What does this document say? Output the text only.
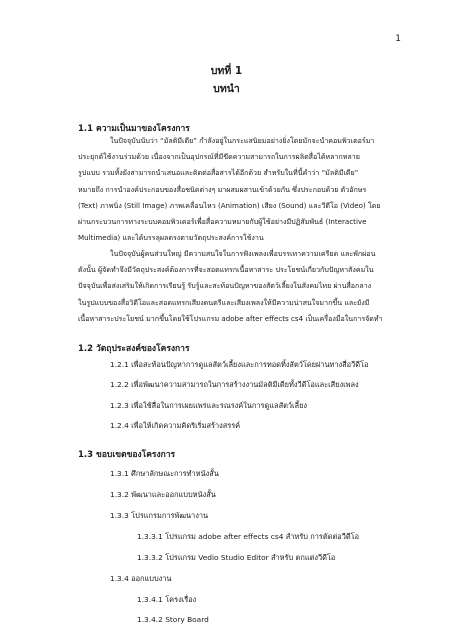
1
บทที่ 1
บทนำ
1.1 ความเป็นมาของโครงการ
ในปัจจุบันนับว่า “มัลติมีเดีย” กำลังอยู่ในกระแสนิยมอย่างยิ่งโดยมักจะนำคอมพิวเตอร์มา
ประยุกต์ใช้งานร่วมด้วย เนื่องจากเป็นอุปกรณ์ที่มีขีดความสามารถในการผลิตสื่อได้หลากหลาย
รูปแบบ รวมทั้งยังสามารถนำเสนอและติดต่อสื่อสารได้อีกด้วย สำหรับในที่นี้คำว่า “มัลติมีเดีย”
หมายถึง การนำองค์ประกอบของสื่อชนิดต่างๆ มาผสมผสานเข้าด้วยกัน ซึ่งประกอบด้วย ตัวอักษร
(Text) ภาพนิ่ง (Still Image) ภาพเคลื่อนไหว (Animation) เสียง (Sound) และวีดีโอ (Video) โดย
ผ่านกระบวนการทางระบบคอมพิวเตอร์เพื่อสื่อความหมายกับผู้ใช้อย่างมีปฏิสัมพันธ์ (Interactive
Multimedia) และได้บรรลุผลตรงตามวัตถุประสงค์การใช้งาน
ในปัจจุบันผู้คนส่วนใหญ่ มีความสนใจในการฟังเพลงเพื่อบรรเทาความเครียด และพักผ่อน
ดังนั้น ผู้จัดทำจึงมีวัตถุประสงค์ต้องการที่จะสอดแทรกเนื้อหาสาระ ประโยชน์เกี่ยวกับปัญหาสังคมใน
ปัจจุบันเพื่อส่งเสริมให้เกิดการเรียนรู้ รับรู้และสะท้อนปัญหาของสัตว์เลี้ยงในสังคมไทย ผ่านสื่อกลาง
ในรูปแบบของสื่อวิดีโอและสอดแทรกเสียงดนตรีและเสียงเพลงให้มีความน่าสนใจมากขึ้น และยังมี
เนื้อหาสาระประโยชน์ มากขึ้นโดยใช้โปรแกรม adobe after effects cs4 เป็นเครื่องมือในการจัดทำ
1.2 วัตถุประสงค์ของโครงการ
1.2.1 เพื่อสะท้อนปัญหาการดูแลสัตว์เลี้ยงและการทอดทิ้งสัตว์โดยผ่านทางสื่อวีดีโอ
1.2.2 เพื่อพัฒนาความสามารถในการสร้างงานมัลติมีเดียทั้งวีดีโอและเสียงเพลง
1.2.3 เพื่อใช้สื่อในการเผยแพร่และรณรงค์ในการดูแลสัตว์เลี้ยง
1.2.4 เพื่อให้เกิดความคิดริเริ่มสร้างสรรค์
1.3 ขอบเขตของโครงการ
1.3.1 ศึกษาลักษณะการทำหนังสั้น
1.3.2 พัฒนาและออกแบบหนังสั้น
1.3.3 โปรแกรมการพัฒนางาน
1.3.3.1 โปรแกรม adobe after effects cs4 สำหรับ การตัดต่อวีดีโอ
1.3.3.2 โปรแกรม Vedio Studio Editor สำหรับ ตกแต่งวีดีโอ
1.3.4 ออกแบบงาน
1.3.4.1 โครงเรื่อง
1.3.4.2 Story Board
